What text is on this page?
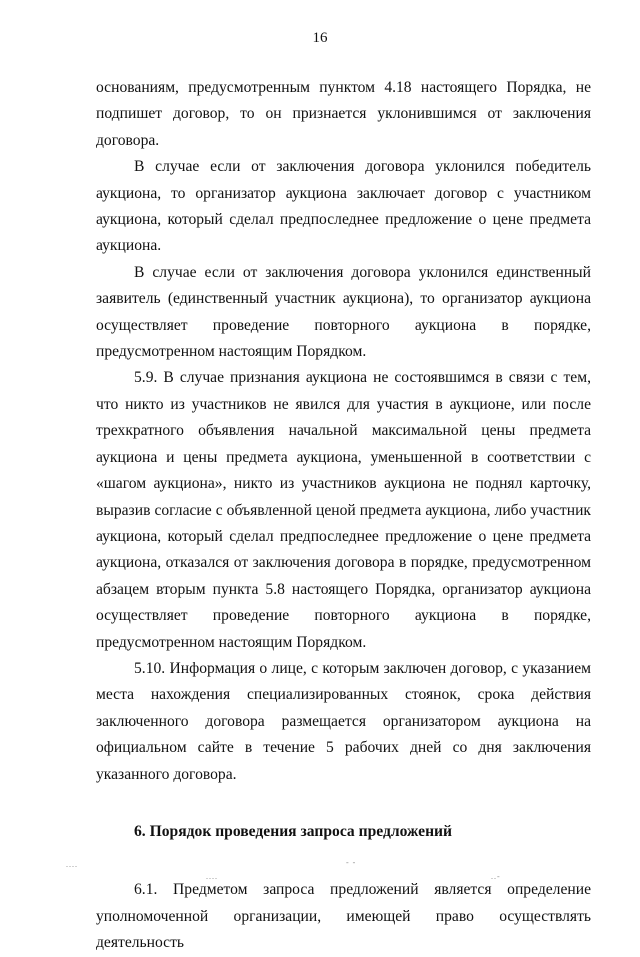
16

основаниям, предусмотренным пунктом 4.18 настоящего Порядка, не подпишет договор, то он признается уклонившимся от заключения договора.

В случае если от заключения договора уклонился победитель аукциона, то организатор аукциона заключает договор с участником аукциона, который сделал предпоследнее предложение о цене предмета аукциона.

В случае если от заключения договора уклонился единственный заявитель (единственный участник аукциона), то организатор аукциона осуществляет проведение повторного аукциона в порядке, предусмотренном настоящим Порядком.

5.9. В случае признания аукциона не состоявшимся в связи с тем, что никто из участников не явился для участия в аукционе, или после трехкратного объявления начальной максимальной цены предмета аукциона и цены предмета аукциона, уменьшенной в соответствии с «шагом аукциона», никто из участников аукциона не поднял карточку, выразив согласие с объявленной ценой предмета аукциона, либо участник аукциона, который сделал предпоследнее предложение о цене предмета аукциона, отказался от заключения договора в порядке, предусмотренном абзацем вторым пункта 5.8 настоящего Порядка, организатор аукциона осуществляет проведение повторного аукциона в порядке, предусмотренном настоящим Порядком.

5.10. Информация о лице, с которым заключен договор, с указанием места нахождения специализированных стоянок, срока действия заключенного договора размещается организатором аукциона на официальном сайте в течение 5 рабочих дней со дня заключения указанного договора.

6. Порядок проведения запроса предложений

6.1. Предметом запроса предложений является определение уполномоченной организации, имеющей право осуществлять деятельность

....
....
- -
..-
